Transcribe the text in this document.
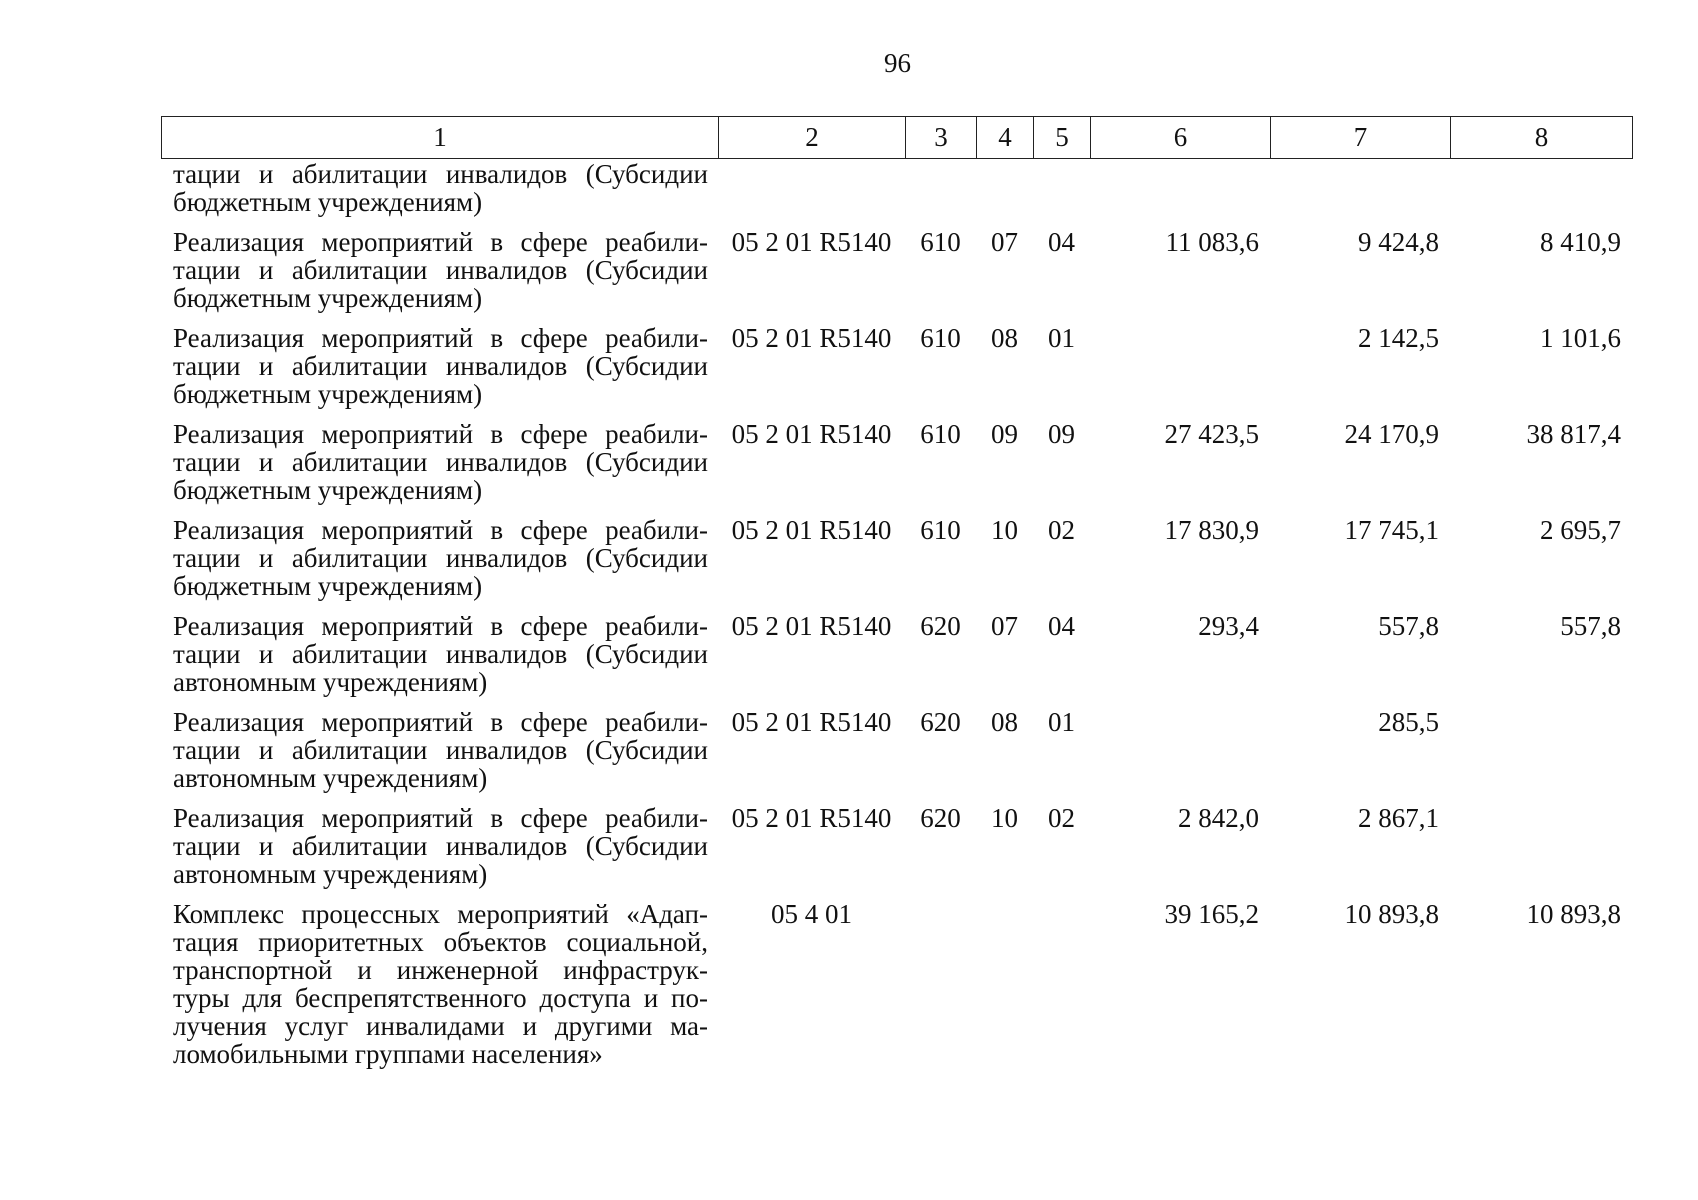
96
1	2	3	4	5	6	7	8
тации и абилитации инвалидов (Субсидии бюджетным учреждениям)							

Реализация мероприятий в сфере реабили-тации и абилитации инвалидов (Субсидии бюджетным учреждениям)	05 2 01 R5140	610	07	04	11 083,6	9 424,8	8 410,9

Реализация мероприятий в сфере реабили-тации и абилитации инвалидов (Субсидии бюджетным учреждениям)	05 2 01 R5140	610	08	01		2 142,5	1 101,6

Реализация мероприятий в сфере реабили-тации и абилитации инвалидов (Субсидии бюджетным учреждениям)	05 2 01 R5140	610	09	09	27 423,5	24 170,9	38 817,4

Реализация мероприятий в сфере реабили-тации и абилитации инвалидов (Субсидии бюджетным учреждениям)	05 2 01 R5140	610	10	02	17 830,9	17 745,1	2 695,7

Реализация мероприятий в сфере реабили-тации и абилитации инвалидов (Субсидии автономным учреждениям)	05 2 01 R5140	620	07	04	293,4	557,8	557,8

Реализация мероприятий в сфере реабили-тации и абилитации инвалидов (Субсидии автономным учреждениям)	05 2 01 R5140	620	08	01		285,5	

Реализация мероприятий в сфере реабили-тации и абилитации инвалидов (Субсидии автономным учреждениям)	05 2 01 R5140	620	10	02	2 842,0	2 867,1	

Комплекс процессных мероприятий «Адап-тация приоритетных объектов социальной, транспортной и инженерной инфраструк-туры для беспрепятственного доступа и по-лучения услуг инвалидами и другими ма-ломобильными группами населения»	05 4 01				39 165,2	10 893,8	10 893,8
